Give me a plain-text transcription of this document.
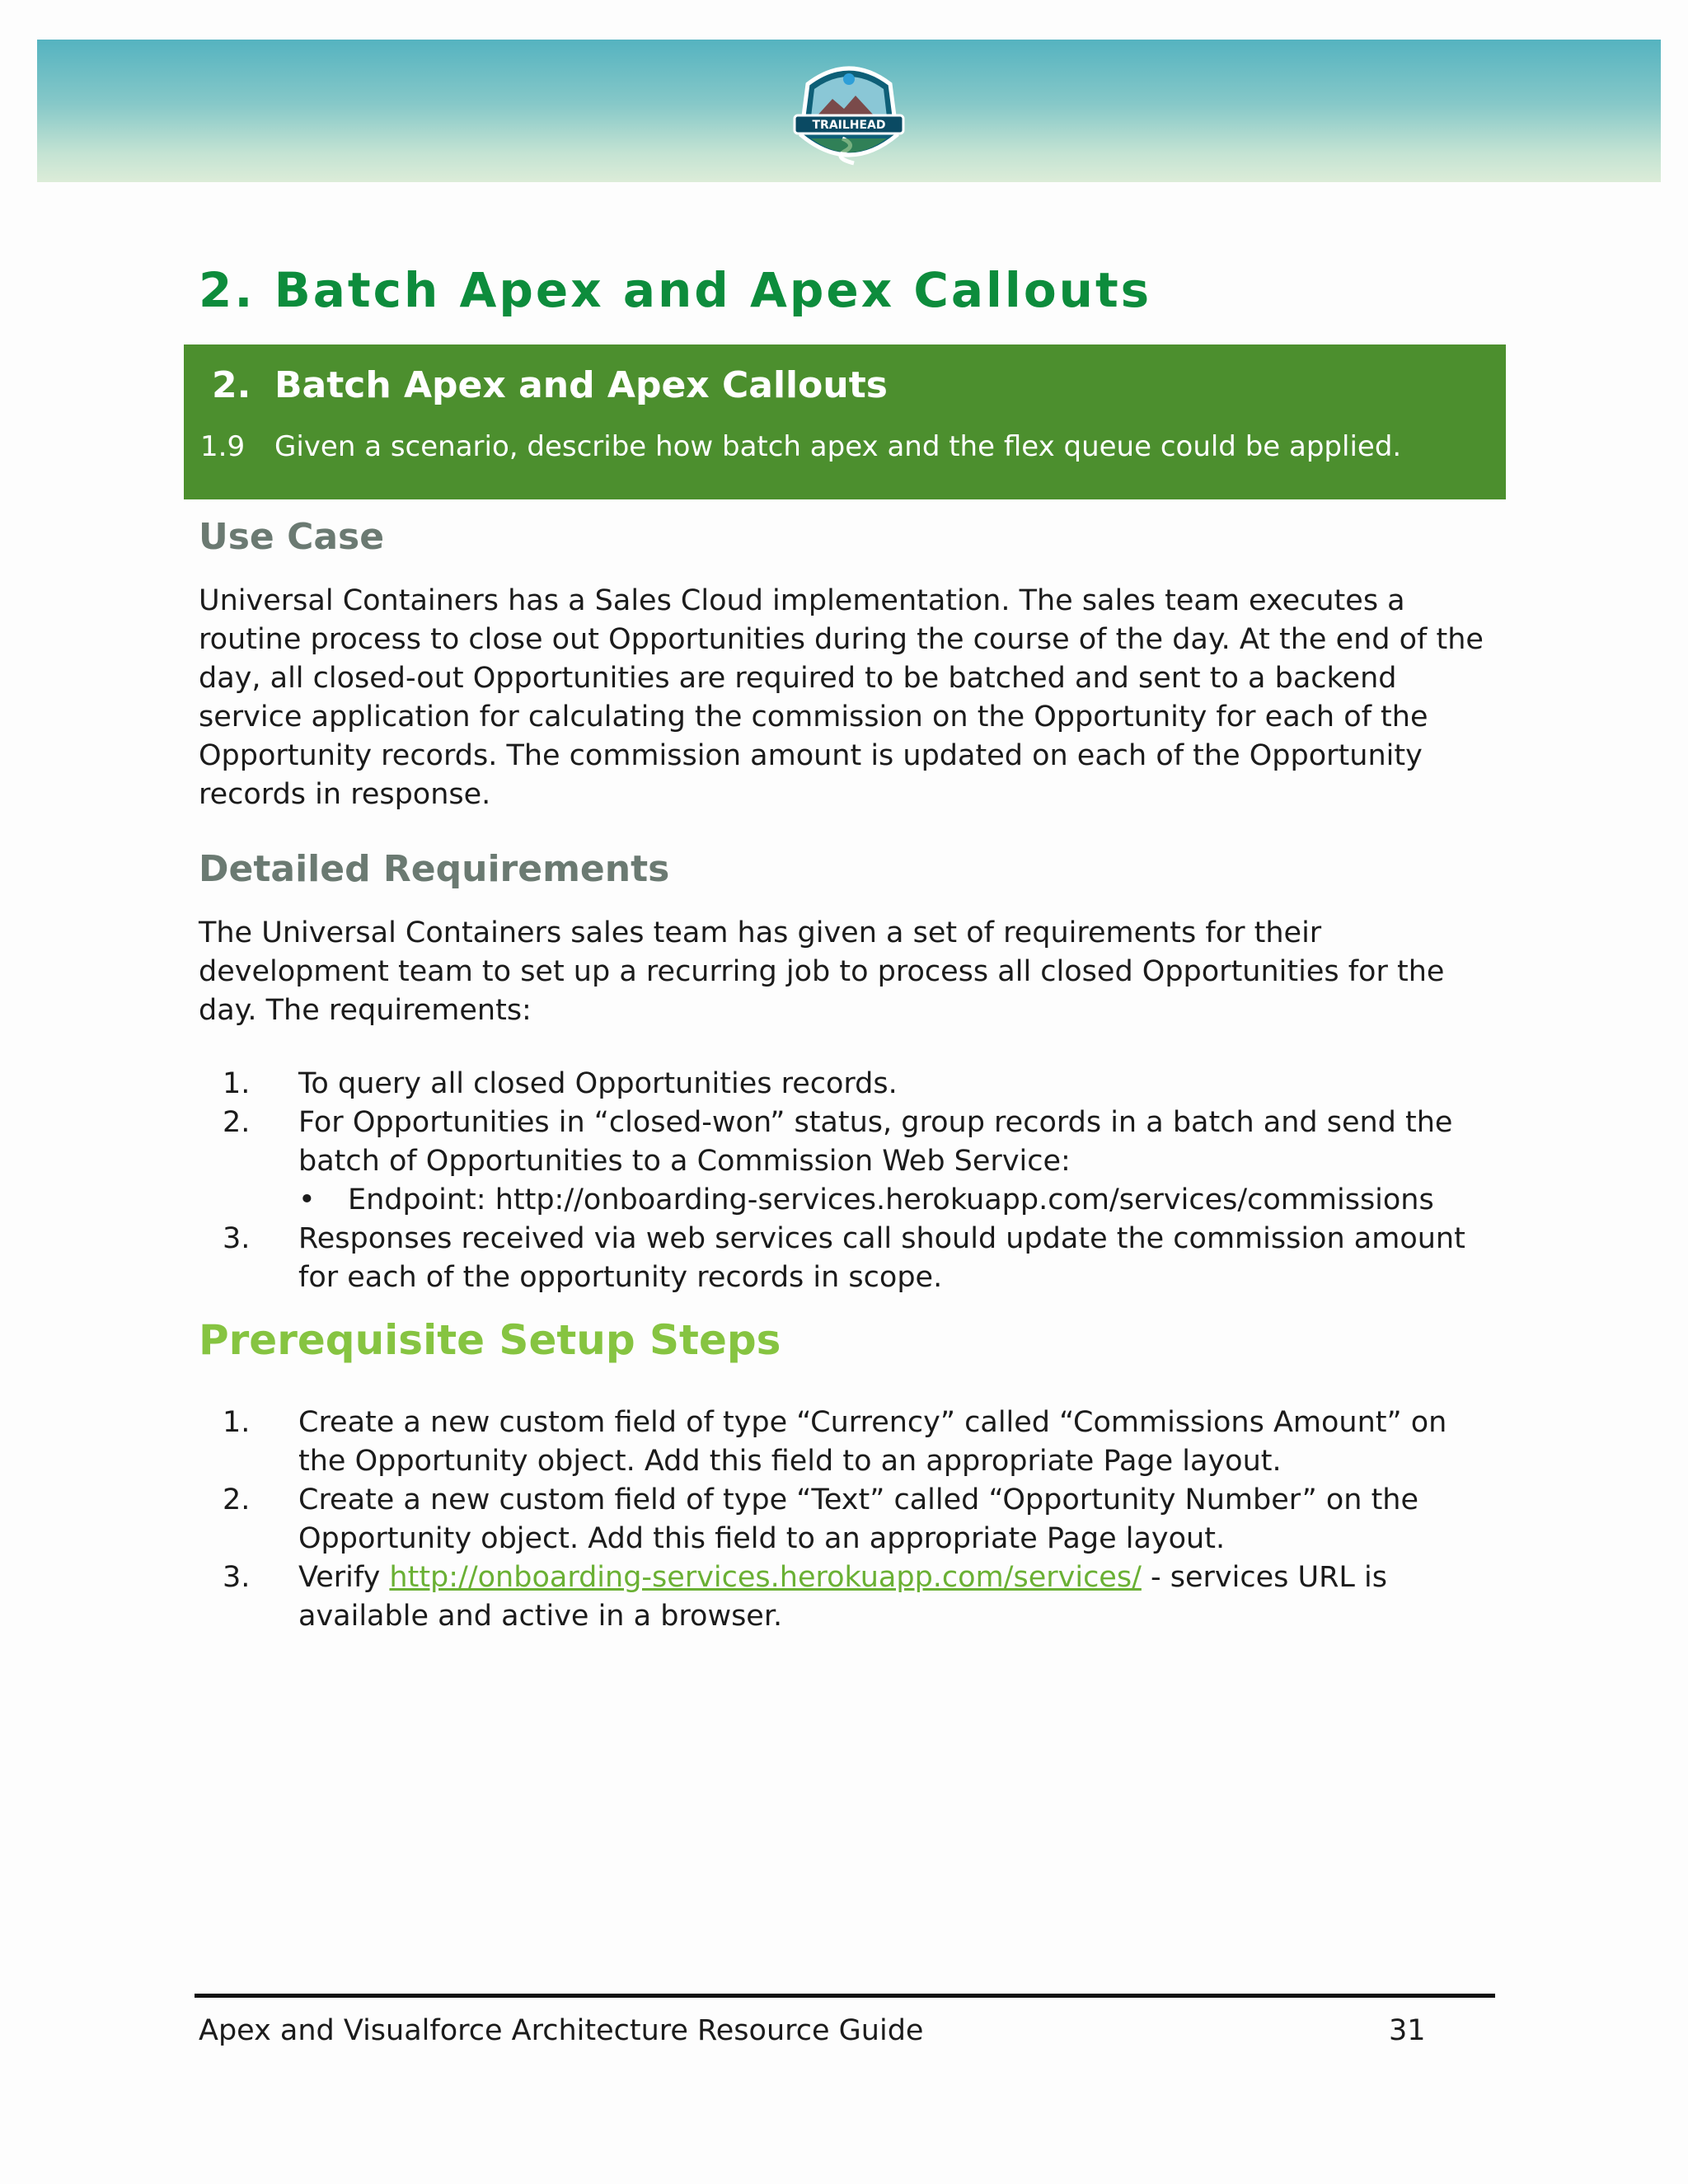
TRAILHEAD
2. Batch Apex and Apex Callouts
2. Batch Apex and Apex Callouts
1.9 Given a scenario, describe how batch apex and the flex queue could be applied.
Use Case

Universal Containers has a Sales Cloud implementation. The sales team executes a routine process to close out Opportunities during the course of the day. At the end of the day, all closed-out Opportunities are required to be batched and sent to a backend service application for calculating the commission on the Opportunity for each of the Opportunity records. The commission amount is updated on each of the Opportunity records in response.

Detailed Requirements

The Universal Containers sales team has given a set of requirements for their development team to set up a recurring job to process all closed Opportunities for the day. The requirements:

1. To query all closed Opportunities records.
2. For Opportunities in “closed-won” status, group records in a batch and send the batch of Opportunities to a Commission Web Service:
• Endpoint: http://onboarding-services.herokuapp.com/services/commissions
3. Responses received via web services call should update the commission amount for each of the opportunity records in scope.
Prerequisite Setup Steps
1. Create a new custom field of type “Currency” called “Commissions Amount” on the Opportunity object. Add this field to an appropriate Page layout.
2. Create a new custom field of type “Text” called “Opportunity Number” on the Opportunity object. Add this field to an appropriate Page layout.
3. Verify http://onboarding-services.herokuapp.com/services/ - services URL is available and active in a browser.
Apex and Visualforce Architecture Resource Guide	31
